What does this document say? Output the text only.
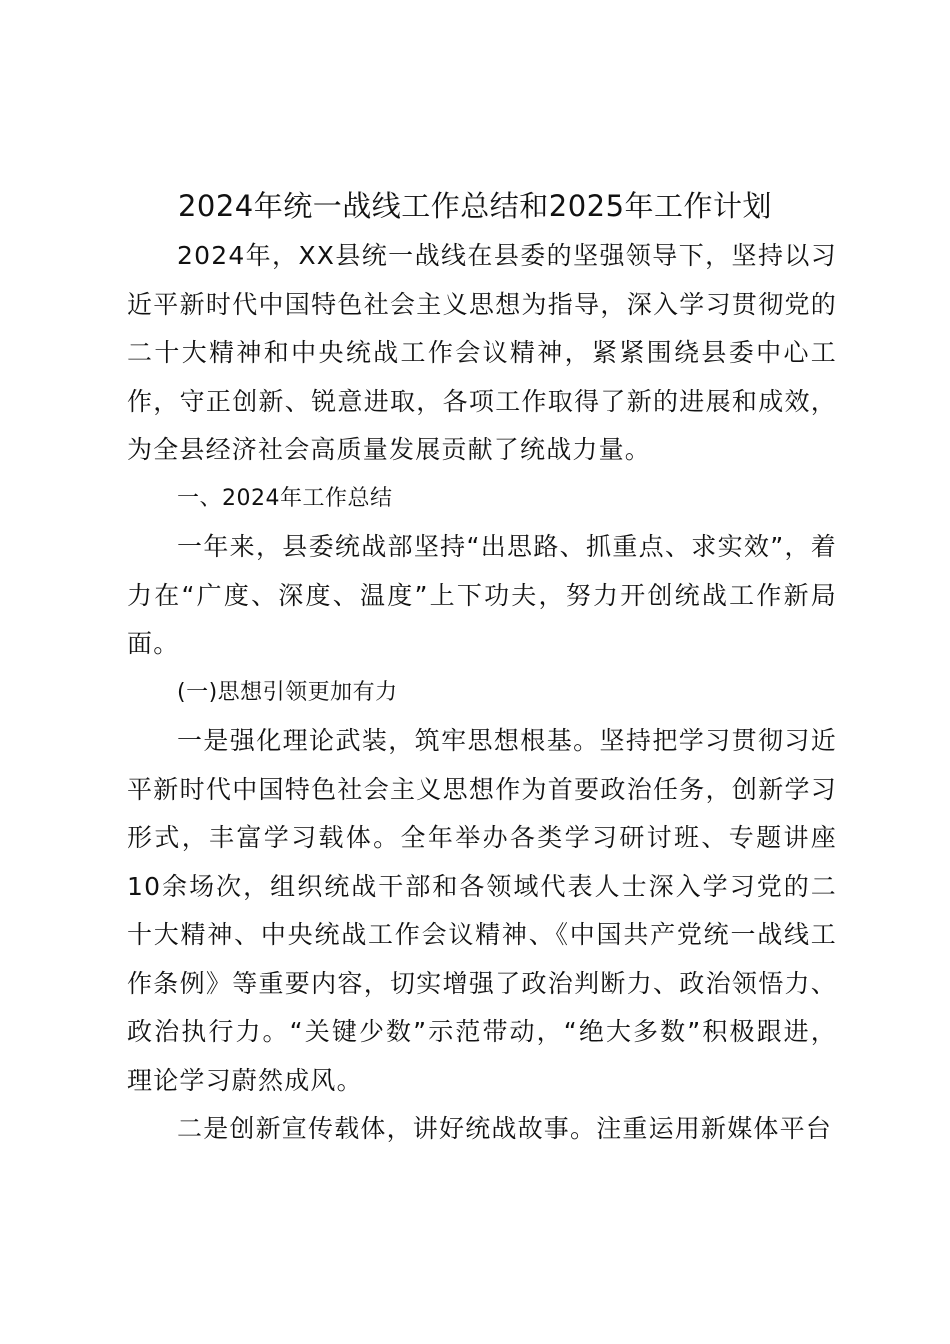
2024年统一战线工作总结和2025年工作计划

2024年，XX县统一战线在县委的坚强领导下，坚持以习近平新时代中国特色社会主义思想为指导，深入学习贯彻党的二十大精神和中央统战工作会议精神，紧紧围绕县委中心工作，守正创新、锐意进取，各项工作取得了新的进展和成效，为全县经济社会高质量发展贡献了统战力量。

一、2024年工作总结

一年来，县委统战部坚持“出思路、抓重点、求实效”，着力在“广度、深度、温度”上下功夫，努力开创统战工作新局面。

(一)思想引领更加有力

一是强化理论武装，筑牢思想根基。坚持把学习贯彻习近平新时代中国特色社会主义思想作为首要政治任务，创新学习形式，丰富学习载体。全年举办各类学习研讨班、专题讲座10余场次，组织统战干部和各领域代表人士深入学习党的二十大精神、中央统战工作会议精神、《中国共产党统一战线工作条例》等重要内容，切实增强了政治判断力、政治领悟力、政治执行力。“关键少数”示范带动，“绝大多数”积极跟进，理论学习蔚然成风。

二是创新宣传载体，讲好统战故事。注重运用新媒体平台
